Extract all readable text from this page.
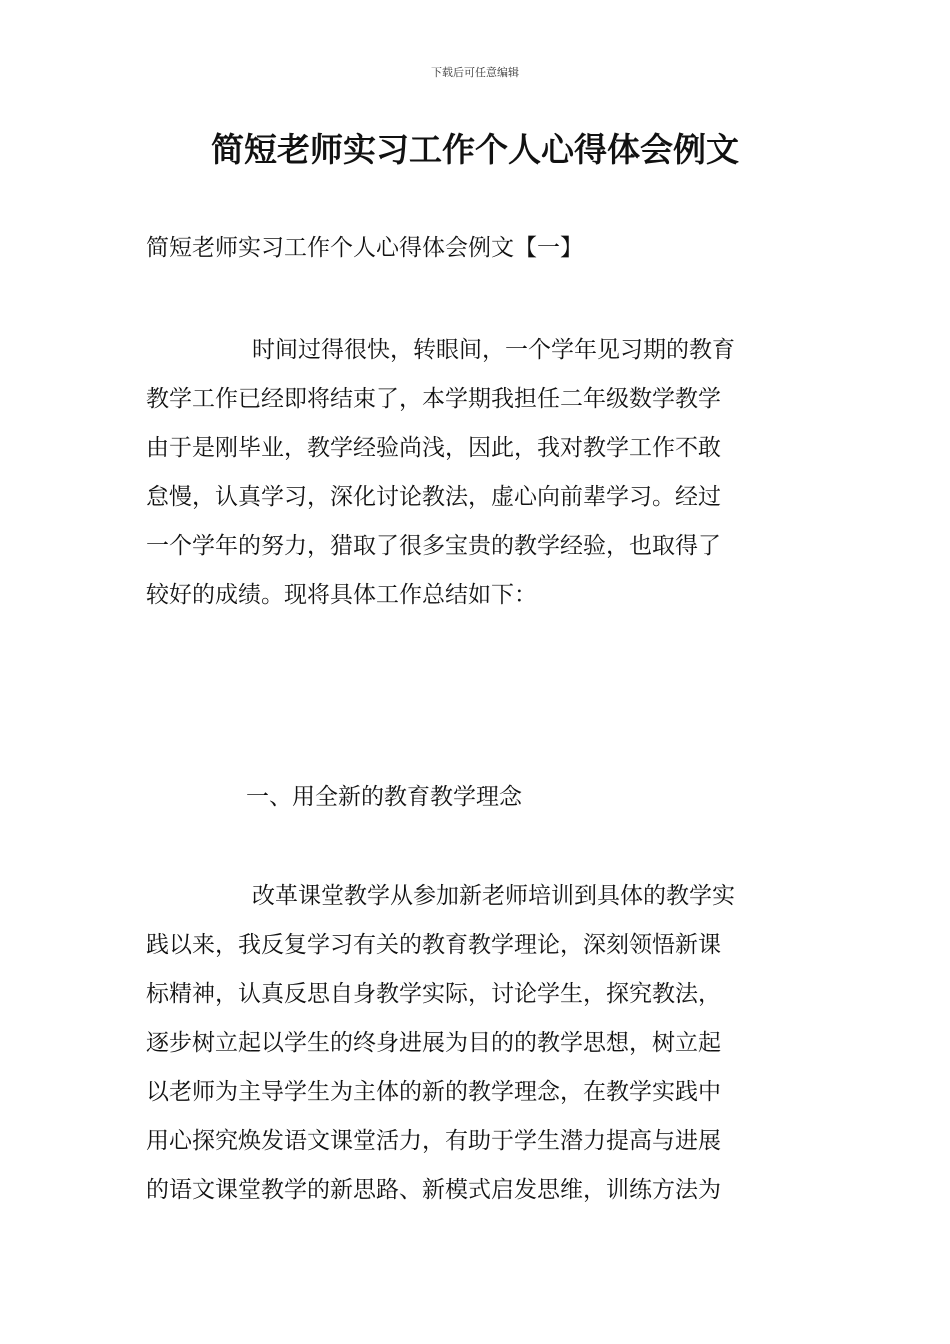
下载后可任意编辑
简短老师实习工作个人心得体会例文
简短老师实习工作个人心得体会例文【一】
时间过得很快，转眼间，一个学年见习期的教育
教学工作已经即将结束了，本学期我担任二年级数学教学
由于是刚毕业，教学经验尚浅，因此，我对教学工作不敢
怠慢，认真学习，深化讨论教法，虚心向前辈学习。经过
一个学年的努力，猎取了很多宝贵的教学经验，也取得了
较好的成绩。现将具体工作总结如下：
一、用全新的教育教学理念
改革课堂教学从参加新老师培训到具体的教学实
践以来，我反复学习有关的教育教学理论，深刻领悟新课
标精神，认真反思自身教学实际，讨论学生，探究教法，
逐步树立起以学生的终身进展为目的的教学思想，树立起
以老师为主导学生为主体的新的教学理念，在教学实践中
用心探究焕发语文课堂活力，有助于学生潜力提高与进展
的语文课堂教学的新思路、新模式启发思维，训练方法为
